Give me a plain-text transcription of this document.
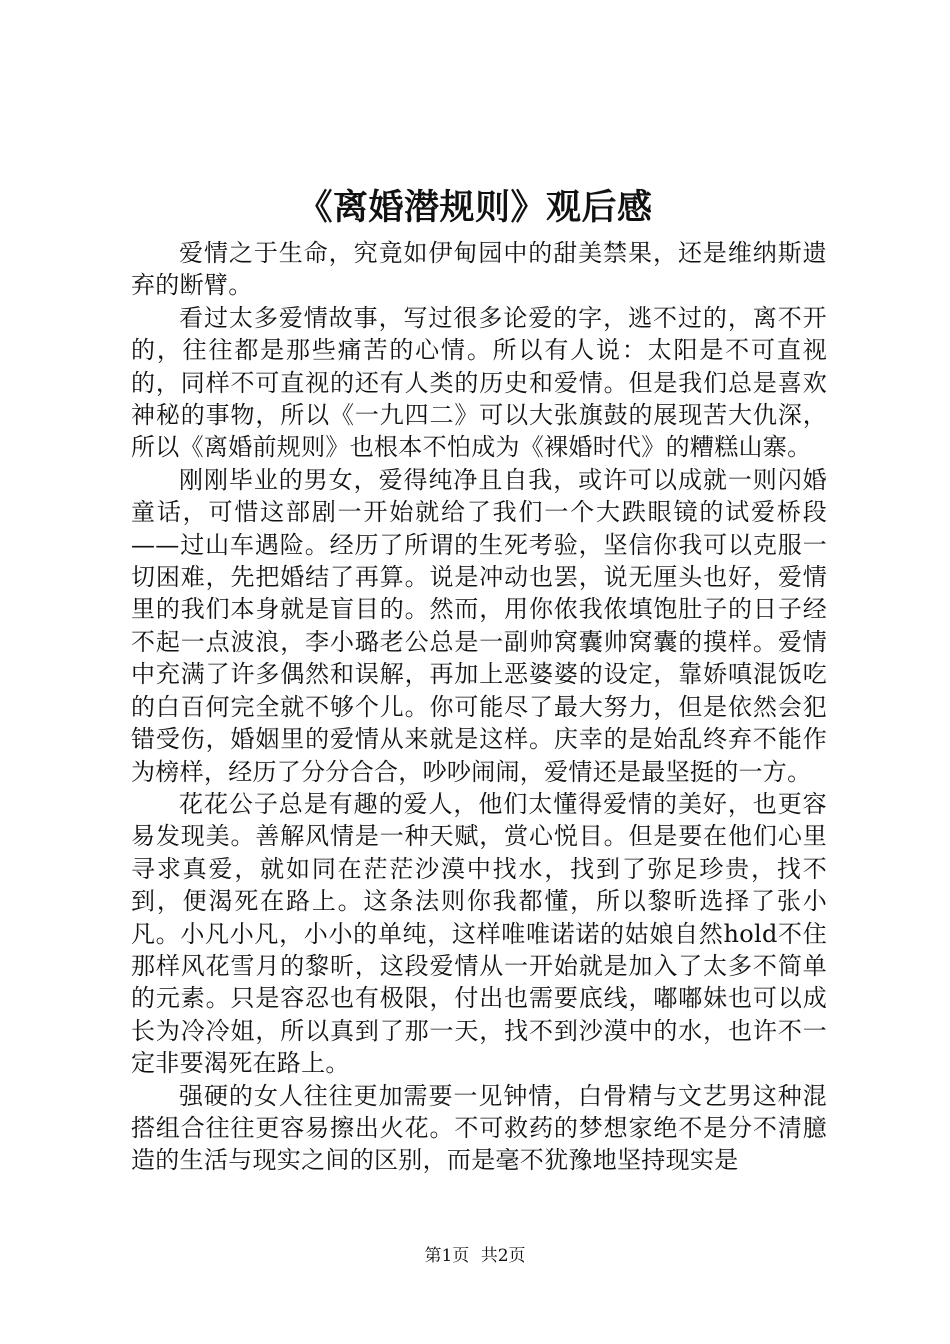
《离婚潜规则》观后感

爱情之于生命，究竟如伊甸园中的甜美禁果，还是维纳斯遗弃的断臂。

看过太多爱情故事，写过很多论爱的字，逃不过的，离不开的，往往都是那些痛苦的心情。所以有人说：太阳是不可直视的，同样不可直视的还有人类的历史和爱情。但是我们总是喜欢神秘的事物，所以《一九四二》可以大张旗鼓的展现苦大仇深，所以《离婚前规则》也根本不怕成为《裸婚时代》的糟糕山寨。

刚刚毕业的男女，爱得纯净且自我，或许可以成就一则闪婚童话，可惜这部剧一开始就给了我们一个大跌眼镜的试爱桥段——过山车遇险。经历了所谓的生死考验，坚信你我可以克服一切困难，先把婚结了再算。说是冲动也罢，说无厘头也好，爱情里的我们本身就是盲目的。然而，用你侬我侬填饱肚子的日子经不起一点波浪，李小璐老公总是一副帅窝囊帅窝囊的摸样。爱情中充满了许多偶然和误解，再加上恶婆婆的设定，靠娇嗔混饭吃的白百何完全就不够个儿。你可能尽了最大努力，但是依然会犯错受伤，婚姻里的爱情从来就是这样。庆幸的是始乱终弃不能作为榜样，经历了分分合合，吵吵闹闹，爱情还是最坚挺的一方。

花花公子总是有趣的爱人，他们太懂得爱情的美好，也更容易发现美。善解风情是一种天赋，赏心悦目。但是要在他们心里寻求真爱，就如同在茫茫沙漠中找水，找到了弥足珍贵，找不到，便渴死在路上。这条法则你我都懂，所以黎昕选择了张小凡。小凡小凡，小小的单纯，这样唯唯诺诺的姑娘自然hold不住那样风花雪月的黎昕，这段爱情从一开始就是加入了太多不简单的元素。只是容忍也有极限，付出也需要底线，嘟嘟妹也可以成长为冷冷姐，所以真到了那一天，找不到沙漠中的水，也许不一定非要渴死在路上。

强硬的女人往往更加需要一见钟情，白骨精与文艺男这种混搭组合往往更容易擦出火花。不可救药的梦想家绝不是分不清臆造的生活与现实之间的区别，而是毫不犹豫地坚持现实是

第1页 共2页
